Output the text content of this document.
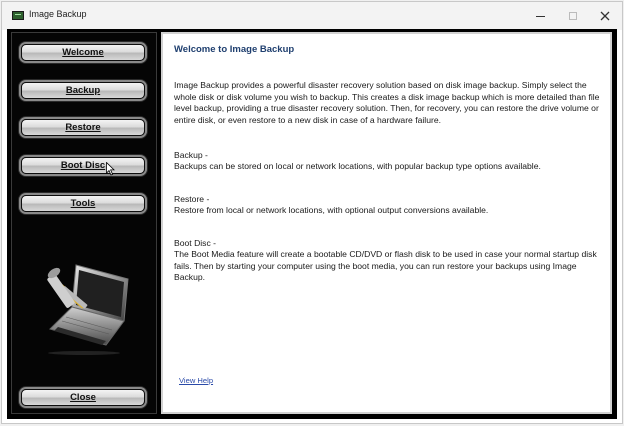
Image Backup
Welcome
Backup
Restore
Boot Disc
Tools
Close
Welcome to Image Backup
Image Backup provides a powerful disaster recovery solution based on disk image backup. Simply select the whole disk or disk volume you wish to backup. This creates a disk image backup which is more detailed than file level backup, providing a true disaster recovery solution. Then, for recovery, you can restore the drive volume or entire disk, or even restore to a new disk in case of a hardware failure.
Backup -
Backups can be stored on local or network locations, with popular backup type options available.
Restore -
Restore from local or network locations, with optional output conversions available.
Boot Disc -
The Boot Media feature will create a bootable CD/DVD or flash disk to be used in case your normal startup disk fails. Then by starting your computer using the boot media, you can run restore your backups using Image Backup.
View Help
